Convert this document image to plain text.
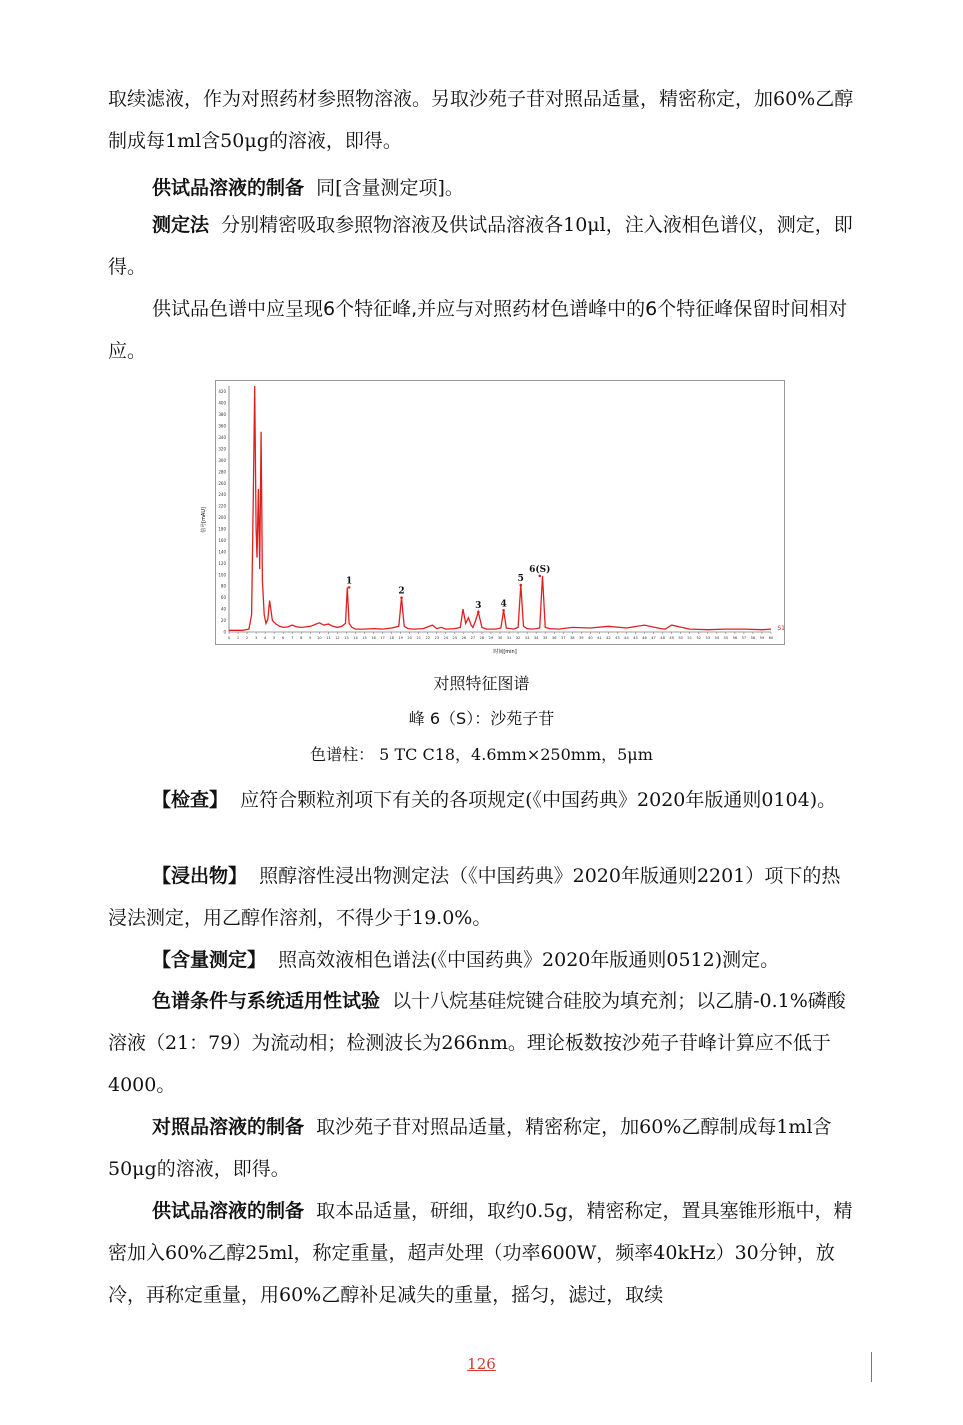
取续滤液，作为对照药材参照物溶液。另取沙苑子苷对照品适量，精密称定，加60%乙醇制成每1ml含50μg的溶液，即得。

供试品溶液的制备 同[含量测定项]。

测定法 分别精密吸取参照物溶液及供试品溶液各10μl，注入液相色谱仪，测定，即得。

供试品色谱中应呈现6个特征峰,并应与对照药材色谱峰中的6个特征峰保留时间相对应。

0
20
40
60
80
100
120
140
160
180
200
220
240
260
280
300
320
340
360
380
400
420
0 1 2 3 4 5 6 7 8 9 10 11 12 13 14 15 16 17 18 19 20 21 22 23 24 25 26 27 28 29 30 31 32 33 34 35 36 37 38 39 40 41 42 43 44 45 46 47 48 49 50 51 52 53 54 55 56 57 58 59 60
1
2
3 4
5
6(S)
信号[mAU]
时间[min]
S1
对照特征图谱
峰 6（S）：沙苑子苷
色谱柱： 5 TC C18，4.6mm×250mm，5μm

【检查】 应符合颗粒剂项下有关的各项规定(《中国药典》2020年版通则0104)。

【浸出物】 照醇溶性浸出物测定法（《中国药典》2020年版通则2201）项下的热浸法测定，用乙醇作溶剂，不得少于19.0%。

【含量测定】 照高效液相色谱法(《中国药典》2020年版通则0512)测定。

色谱条件与系统适用性试验 以十八烷基硅烷键合硅胶为填充剂；以乙腈-0.1%磷酸溶液（21：79）为流动相；检测波长为266nm。理论板数按沙苑子苷峰计算应不低于4000。

对照品溶液的制备 取沙苑子苷对照品适量，精密称定，加60%乙醇制成每1ml含50μg的溶液，即得。

供试品溶液的制备 取本品适量，研细，取约0.5g，精密称定，置具塞锥形瓶中，精密加入60%乙醇25ml，称定重量，超声处理（功率600W，频率40kHz）30分钟，放冷，再称定重量，用60%乙醇补足减失的重量，摇匀，滤过，取续

126
